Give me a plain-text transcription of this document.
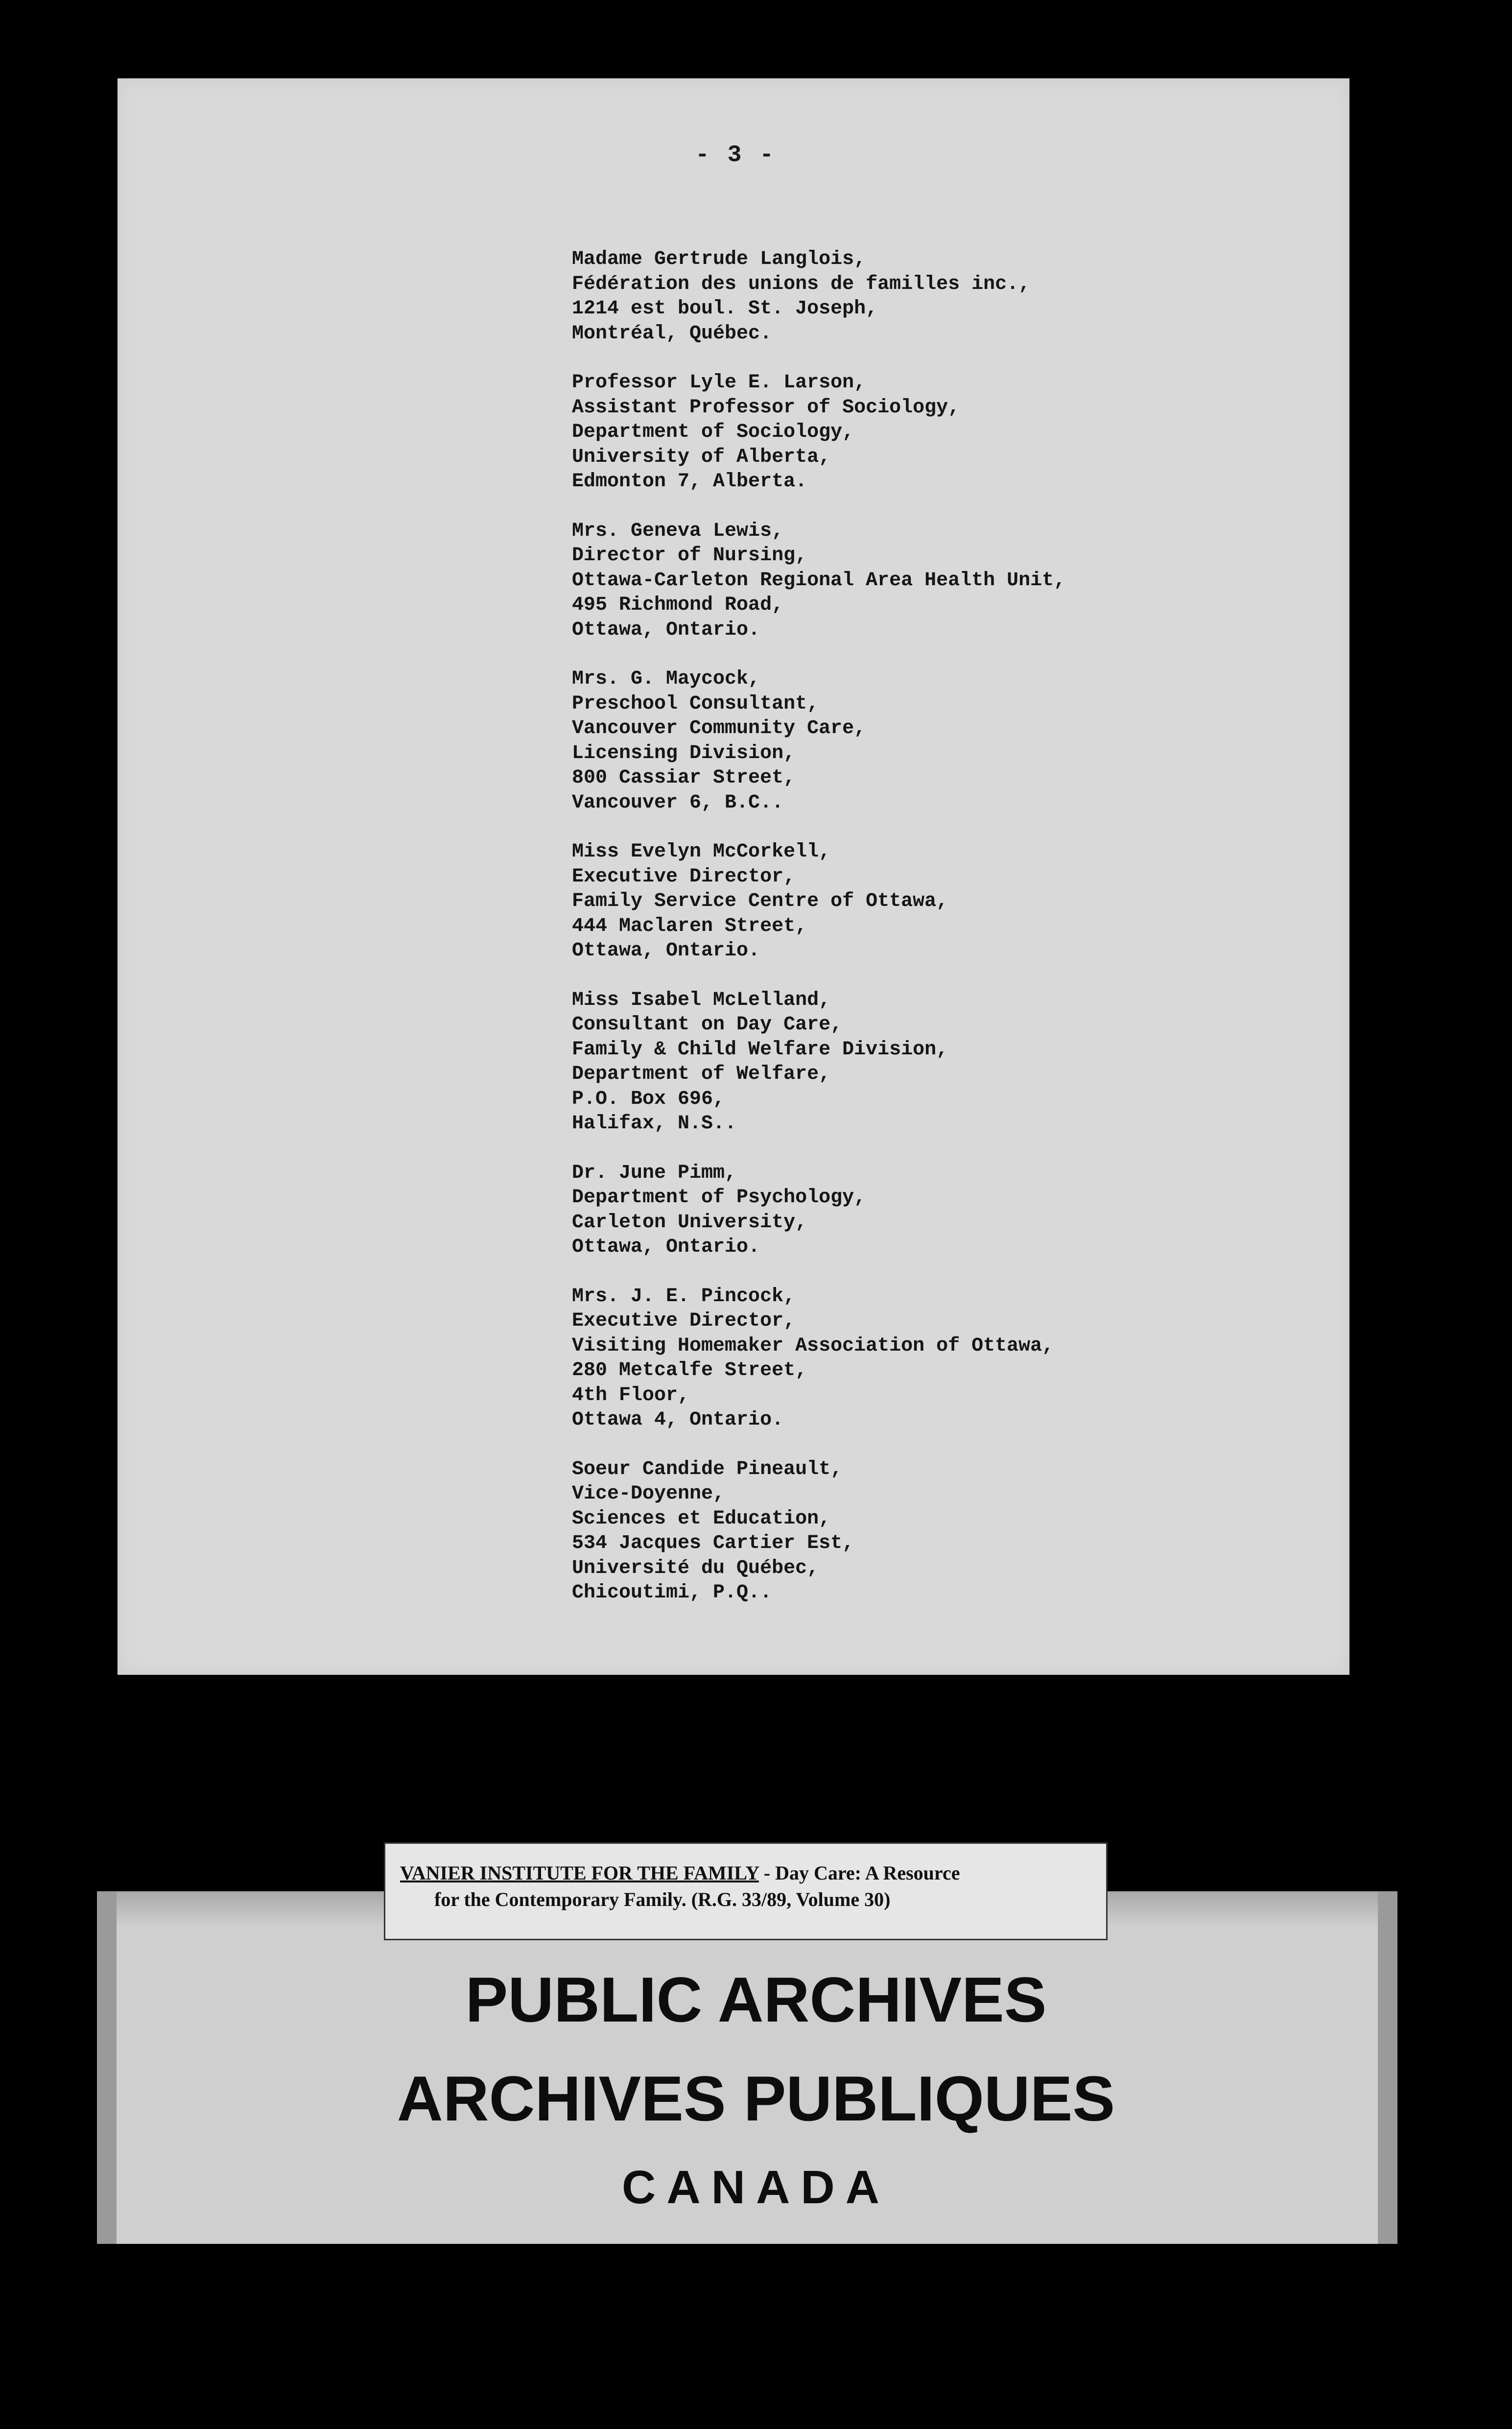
- 3 -
Madame Gertrude Langlois,
Fédération des unions de familles inc.,
1214 est boul. St. Joseph,
Montréal, Québec.
Professor Lyle E. Larson,
Assistant Professor of Sociology,
Department of Sociology,
University of Alberta,
Edmonton 7, Alberta.
Mrs. Geneva Lewis,
Director of Nursing,
Ottawa-Carleton Regional Area Health Unit,
495 Richmond Road,
Ottawa, Ontario.
Mrs. G. Maycock,
Preschool Consultant,
Vancouver Community Care,
Licensing Division,
800 Cassiar Street,
Vancouver 6, B.C..
Miss Evelyn McCorkell,
Executive Director,
Family Service Centre of Ottawa,
444 Maclaren Street,
Ottawa, Ontario.
Miss Isabel McLelland,
Consultant on Day Care,
Family & Child Welfare Division,
Department of Welfare,
P.O. Box 696,
Halifax, N.S..
Dr. June Pimm,
Department of Psychology,
Carleton University,
Ottawa, Ontario.
Mrs. J. E. Pincock,
Executive Director,
Visiting Homemaker Association of Ottawa,
280 Metcalfe Street,
4th Floor,
Ottawa 4, Ontario.
Soeur Candide Pineault,
Vice-Doyenne,
Sciences et Education,
534 Jacques Cartier Est,
Université du Québec,
Chicoutimi, P.Q..
VANIER INSTITUTE FOR THE FAMILY - Day Care: A Resource
for the Contemporary Family. (R.G. 33/89, Volume 30)
PUBLIC ARCHIVES
ARCHIVES PUBLIQUES
CANADA
